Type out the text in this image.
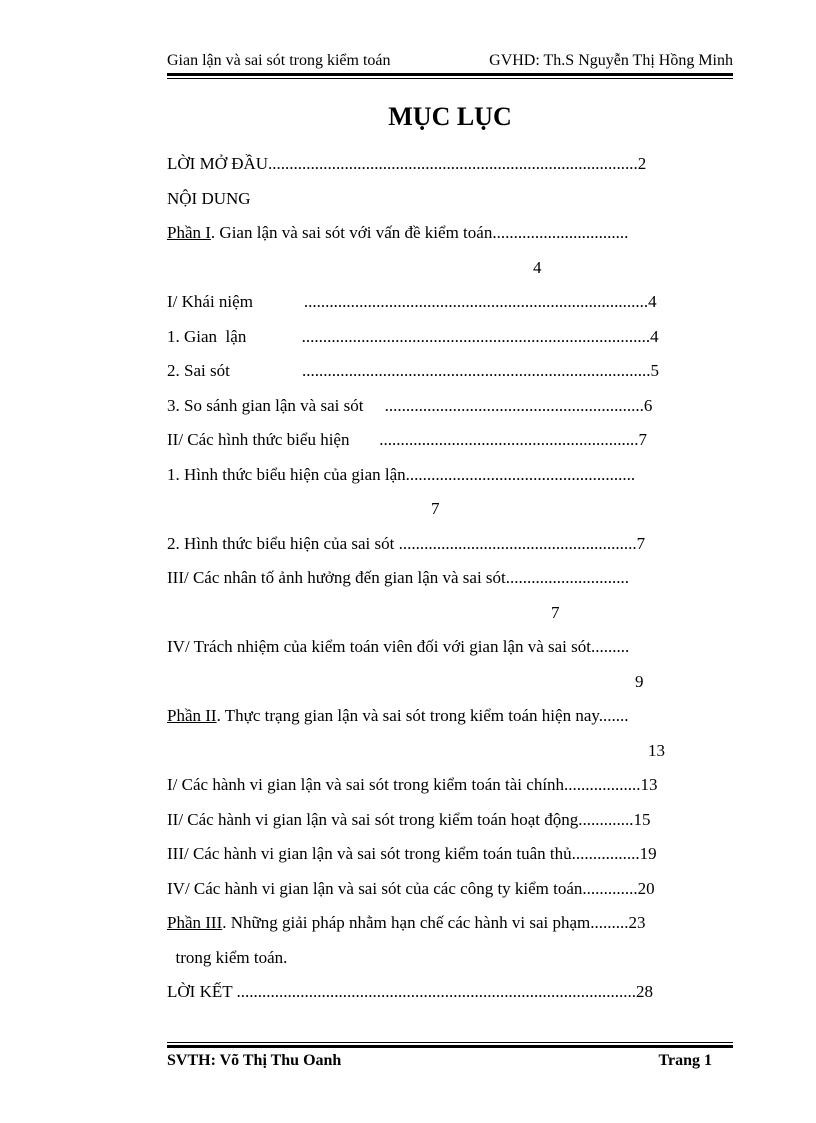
Gian lận và sai sót trong kiểm toán	GVHD: Th.S Nguyễn Thị Hồng Minh
MỤC LỤC
LỜI MỞ ĐẦU.......................................................................................2
NỘI DUNG
Phần I. Gian lận và sai sót với vấn đề kiểm toán................................
4
I/ Khái niệm            .................................................................................4
1. Gian  lận             ..................................................................................4
2. Sai sót                 ..................................................................................5
3. So sánh gian lận và sai sót     .............................................................6
II/ Các hình thức biểu hiện       .............................................................7
1. Hình thức biểu hiện của gian lận......................................................
7
2. Hình thức biểu hiện của sai sót ........................................................7
III/ Các nhân tố ảnh hưởng đến gian lận và sai sót.............................
7
IV/ Trách nhiệm của kiểm toán viên đối với gian lận và sai sót.........
9
Phần II. Thực trạng gian lận và sai sót trong kiểm toán hiện nay.......
13
I/ Các hành vi gian lận và sai sót trong kiểm toán tài chính..................13
II/ Các hành vi gian lận và sai sót trong kiểm toán hoạt động.............15
III/ Các hành vi gian lận và sai sót trong kiểm toán tuân thủ................19
IV/ Các hành vi gian lận và sai sót của các công ty kiểm toán.............20
Phần III. Những giải pháp nhằm hạn chế các hành vi sai phạm.........23
trong kiểm toán.
LỜI KẾT ..............................................................................................28
SVTH: Võ Thị Thu Oanh	Trang 1
